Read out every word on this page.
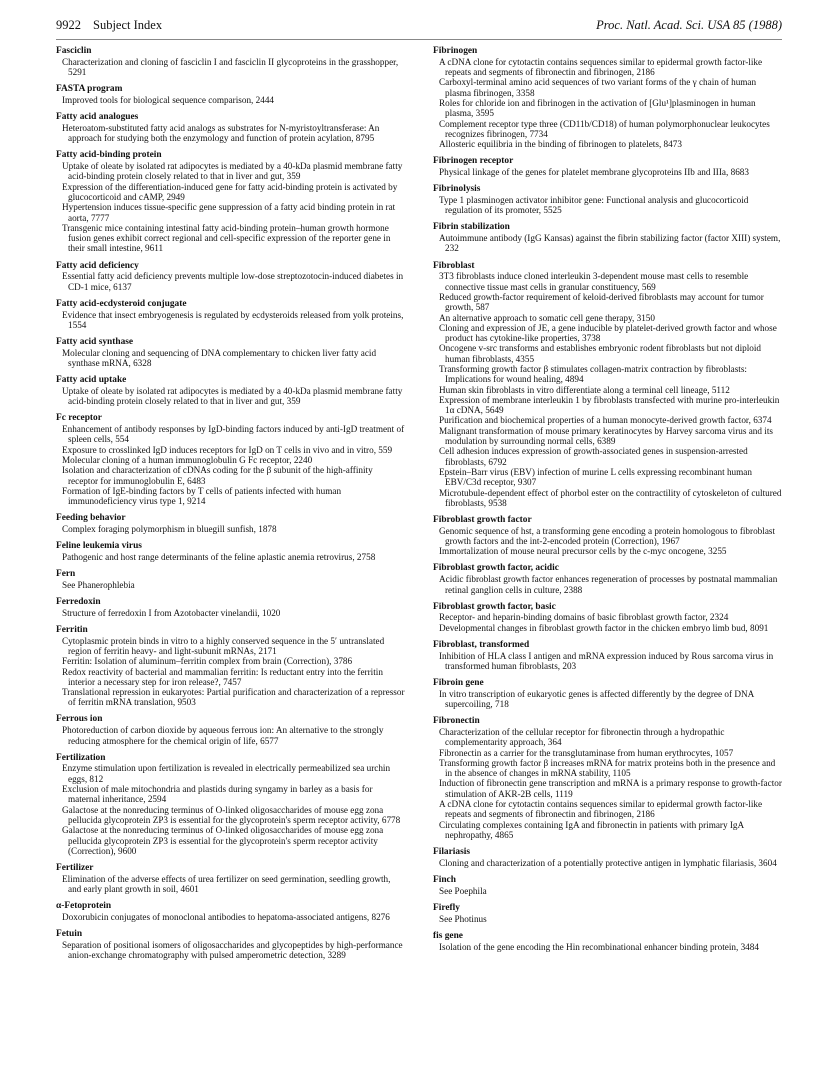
9922 Subject Index	Proc. Natl. Acad. Sci. USA 85 (1988)
Fasciclin
Characterization and cloning of fasciclin I and fasciclin II glycoproteins in the grasshopper, 5291
FASTA program
Improved tools for biological sequence comparison, 2444
Fatty acid analogues
Heteroatom-substituted fatty acid analogs as substrates for N-myristoyltransferase: An approach for studying both the enzymology and function of protein acylation, 8795
Fatty acid-binding protein
Uptake of oleate by isolated rat adipocytes is mediated by a 40-kDa plasmid membrane fatty acid-binding protein closely related to that in liver and gut, 359
Expression of the differentiation-induced gene for fatty acid-binding protein is activated by glucocorticoid and cAMP, 2949
Hypertension induces tissue-specific gene suppression of a fatty acid binding protein in rat aorta, 7777
Transgenic mice containing intestinal fatty acid-binding protein–human growth hormone fusion genes exhibit correct regional and cell-specific expression of the reporter gene in their small intestine, 9611
Fatty acid deficiency
Essential fatty acid deficiency prevents multiple low-dose streptozotocin-induced diabetes in CD-1 mice, 6137
Fatty acid-ecdysteroid conjugate
Evidence that insect embryogenesis is regulated by ecdysteroids released from yolk proteins, 1554
Fatty acid synthase
Molecular cloning and sequencing of DNA complementary to chicken liver fatty acid synthase mRNA, 6328
Fatty acid uptake
Uptake of oleate by isolated rat adipocytes is mediated by a 40-kDa plasmid membrane fatty acid-binding protein closely related to that in liver and gut, 359
Fc receptor
Enhancement of antibody responses by IgD-binding factors induced by anti-IgD treatment of spleen cells, 554
Exposure to crosslinked IgD induces receptors for IgD on T cells in vivo and in vitro, 559
Molecular cloning of a human immunoglobulin G Fc receptor, 2240
Isolation and characterization of cDNAs coding for the β subunit of the high-affinity receptor for immunoglobulin E, 6483
Formation of IgE-binding factors by T cells of patients infected with human immunodeficiency virus type 1, 9214
Feeding behavior
Complex foraging polymorphism in bluegill sunfish, 1878
Feline leukemia virus
Pathogenic and host range determinants of the feline aplastic anemia retrovirus, 2758
Fern
See Phanerophlebia
Ferredoxin
Structure of ferredoxin I from Azotobacter vinelandii, 1020
Ferritin
Cytoplasmic protein binds in vitro to a highly conserved sequence in the 5′ untranslated region of ferritin heavy- and light-subunit mRNAs, 2171
Ferritin: Isolation of aluminum–ferritin complex from brain (Correction), 3786
Redox reactivity of bacterial and mammalian ferritin: Is reductant entry into the ferritin interior a necessary step for iron release?, 7457
Translational repression in eukaryotes: Partial purification and characterization of a repressor of ferritin mRNA translation, 9503
Ferrous ion
Photoreduction of carbon dioxide by aqueous ferrous ion: An alternative to the strongly reducing atmosphere for the chemical origin of life, 6577
Fertilization
Enzyme stimulation upon fertilization is revealed in electrically permeabilized sea urchin eggs, 812
Exclusion of male mitochondria and plastids during syngamy in barley as a basis for maternal inheritance, 2594
Galactose at the nonreducing terminus of O-linked oligosaccharides of mouse egg zona pellucida glycoprotein ZP3 is essential for the glycoprotein's sperm receptor activity, 6778
Galactose at the nonreducing terminus of O-linked oligosaccharides of mouse egg zona pellucida glycoprotein ZP3 is essential for the glycoprotein's sperm receptor activity (Correction), 9600
Fertilizer
Elimination of the adverse effects of urea fertilizer on seed germination, seedling growth, and early plant growth in soil, 4601
α-Fetoprotein
Doxorubicin conjugates of monoclonal antibodies to hepatoma-associated antigens, 8276
Fetuin
Separation of positional isomers of oligosaccharides and glycopeptides by high-performance anion-exchange chromatography with pulsed amperometric detection, 3289
Fibrinogen
A cDNA clone for cytotactin contains sequences similar to epidermal growth factor-like repeats and segments of fibronectin and fibrinogen, 2186
Carboxyl-terminal amino acid sequences of two variant forms of the γ chain of human plasma fibrinogen, 3358
Roles for chloride ion and fibrinogen in the activation of [Glu¹]plasminogen in human plasma, 3595
Complement receptor type three (CD11b/CD18) of human polymorphonuclear leukocytes recognizes fibrinogen, 7734
Allosteric equilibria in the binding of fibrinogen to platelets, 8473
Fibrinogen receptor
Physical linkage of the genes for platelet membrane glycoproteins IIb and IIIa, 8683
Fibrinolysis
Type 1 plasminogen activator inhibitor gene: Functional analysis and glucocorticoid regulation of its promoter, 5525
Fibrin stabilization
Autoimmune antibody (IgG Kansas) against the fibrin stabilizing factor (factor XIII) system, 232
Fibroblast
3T3 fibroblasts induce cloned interleukin 3-dependent mouse mast cells to resemble connective tissue mast cells in granular constituency, 569
Reduced growth-factor requirement of keloid-derived fibroblasts may account for tumor growth, 587
An alternative approach to somatic cell gene therapy, 3150
Cloning and expression of JE, a gene inducible by platelet-derived growth factor and whose product has cytokine-like properties, 3738
Oncogene v-src transforms and establishes embryonic rodent fibroblasts but not diploid human fibroblasts, 4355
Transforming growth factor β stimulates collagen-matrix contraction by fibroblasts: Implications for wound healing, 4894
Human skin fibroblasts in vitro differentiate along a terminal cell lineage, 5112
Expression of membrane interleukin 1 by fibroblasts transfected with murine pro-interleukin 1α cDNA, 5649
Purification and biochemical properties of a human monocyte-derived growth factor, 6374
Malignant transformation of mouse primary keratinocytes by Harvey sarcoma virus and its modulation by surrounding normal cells, 6389
Cell adhesion induces expression of growth-associated genes in suspension-arrested fibroblasts, 6792
Epstein–Barr virus (EBV) infection of murine L cells expressing recombinant human EBV/C3d receptor, 9307
Microtubule-dependent effect of phorbol ester on the contractility of cytoskeleton of cultured fibroblasts, 9538
Fibroblast growth factor
Genomic sequence of hst, a transforming gene encoding a protein homologous to fibroblast growth factors and the int-2-encoded protein (Correction), 1967
Immortalization of mouse neural precursor cells by the c-myc oncogene, 3255
Fibroblast growth factor, acidic
Acidic fibroblast growth factor enhances regeneration of processes by postnatal mammalian retinal ganglion cells in culture, 2388
Fibroblast growth factor, basic
Receptor- and heparin-binding domains of basic fibroblast growth factor, 2324
Developmental changes in fibroblast growth factor in the chicken embryo limb bud, 8091
Fibroblast, transformed
Inhibition of HLA class I antigen and mRNA expression induced by Rous sarcoma virus in transformed human fibroblasts, 203
Fibroin gene
In vitro transcription of eukaryotic genes is affected differently by the degree of DNA supercoiling, 718
Fibronectin
Characterization of the cellular receptor for fibronectin through a hydropathic complementarity approach, 364
Fibronectin as a carrier for the transglutaminase from human erythrocytes, 1057
Transforming growth factor β increases mRNA for matrix proteins both in the presence and in the absence of changes in mRNA stability, 1105
Induction of fibronectin gene transcription and mRNA is a primary response to growth-factor stimulation of AKR-2B cells, 1119
A cDNA clone for cytotactin contains sequences similar to epidermal growth factor-like repeats and segments of fibronectin and fibrinogen, 2186
Circulating complexes containing IgA and fibronectin in patients with primary IgA nephropathy, 4865
Filariasis
Cloning and characterization of a potentially protective antigen in lymphatic filariasis, 3604
Finch
See Poephila
Firefly
See Photinus
fis gene
Isolation of the gene encoding the Hin recombinational enhancer binding protein, 3484
